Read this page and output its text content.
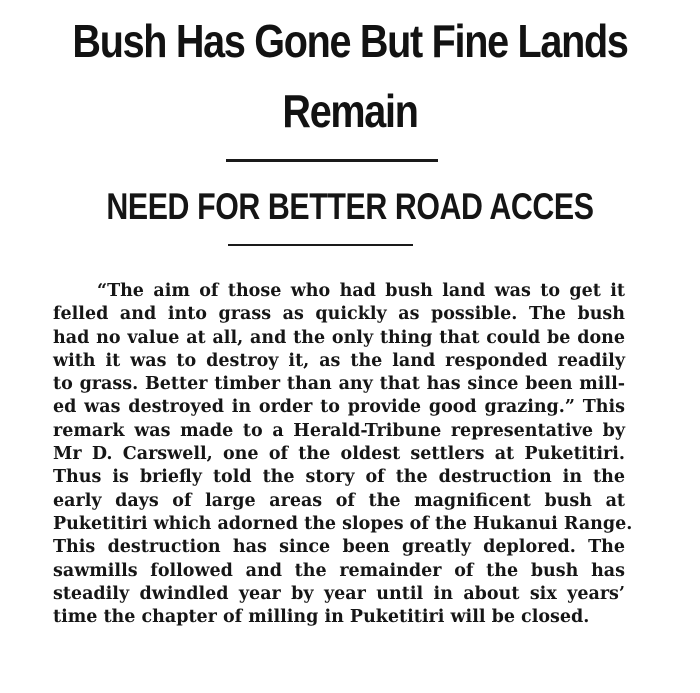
Bush Has Gone But Fine Lands
Remain
NEED FOR BETTER ROAD ACCES
“The aim of those who had bush land was to get it
felled and into grass as quickly as possible. The bush
had no value at all, and the only thing that could be done
with it was to destroy it, as the land responded readily
to grass. Better timber than any that has since been mill-
ed was destroyed in order to provide good grazing.” This
remark was made to a Herald-Tribune representative by
Mr D. Carswell, one of the oldest settlers at Puketitiri.
Thus is briefly told the story of the destruction in the
early days of large areas of the magnificent bush at
Puketitiri which adorned the slopes of the Hukanui Range.
This destruction has since been greatly deplored. The
sawmills followed and the remainder of the bush has
steadily dwindled year by year until in about six years’
time the chapter of milling in Puketitiri will be closed.
